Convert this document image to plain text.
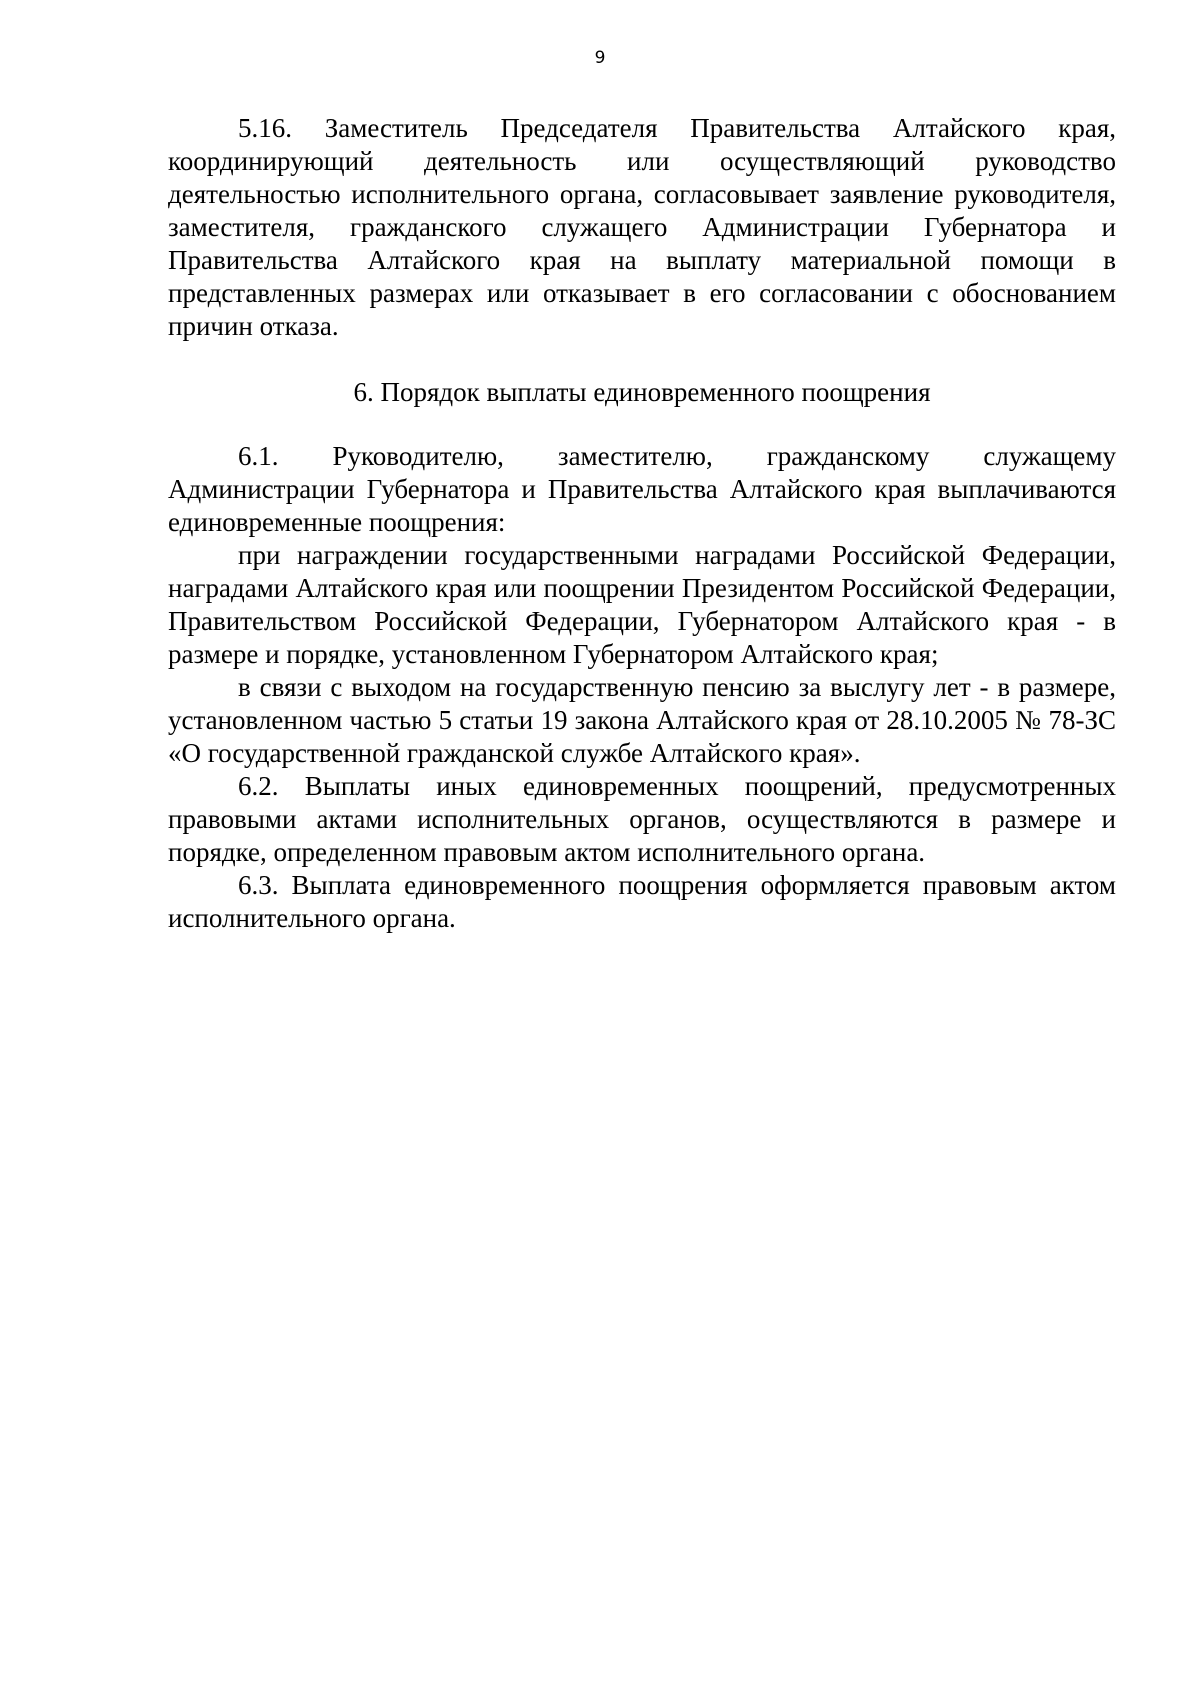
9

5.16. Заместитель Председателя Правительства Алтайского края, координирующий деятельность или осуществляющий руководство деятельностью исполнительного органа, согласовывает заявление руководителя, заместителя, гражданского служащего Администрации Губернатора и Правительства Алтайского края на выплату материальной помощи в представленных размерах или отказывает в его согласовании с обоснованием причин отказа.

6. Порядок выплаты единовременного поощрения

6.1. Руководителю, заместителю, гражданскому служащему Администрации Губернатора и Правительства Алтайского края выплачиваются единовременные поощрения:

при награждении государственными наградами Российской Федерации, наградами Алтайского края или поощрении Президентом Российской Федерации, Правительством Российской Федерации, Губернатором Алтайского края - в размере и порядке, установленном Губернатором Алтайского края;

в связи с выходом на государственную пенсию за выслугу лет - в размере, установленном частью 5 статьи 19 закона Алтайского края от 28.10.2005 № 78-ЗС «О государственной гражданской службе Алтайского края».

6.2. Выплаты иных единовременных поощрений, предусмотренных правовыми актами исполнительных органов, осуществляются в размере и порядке, определенном правовым актом исполнительного органа.

6.3. Выплата единовременного поощрения оформляется правовым актом исполнительного органа.
